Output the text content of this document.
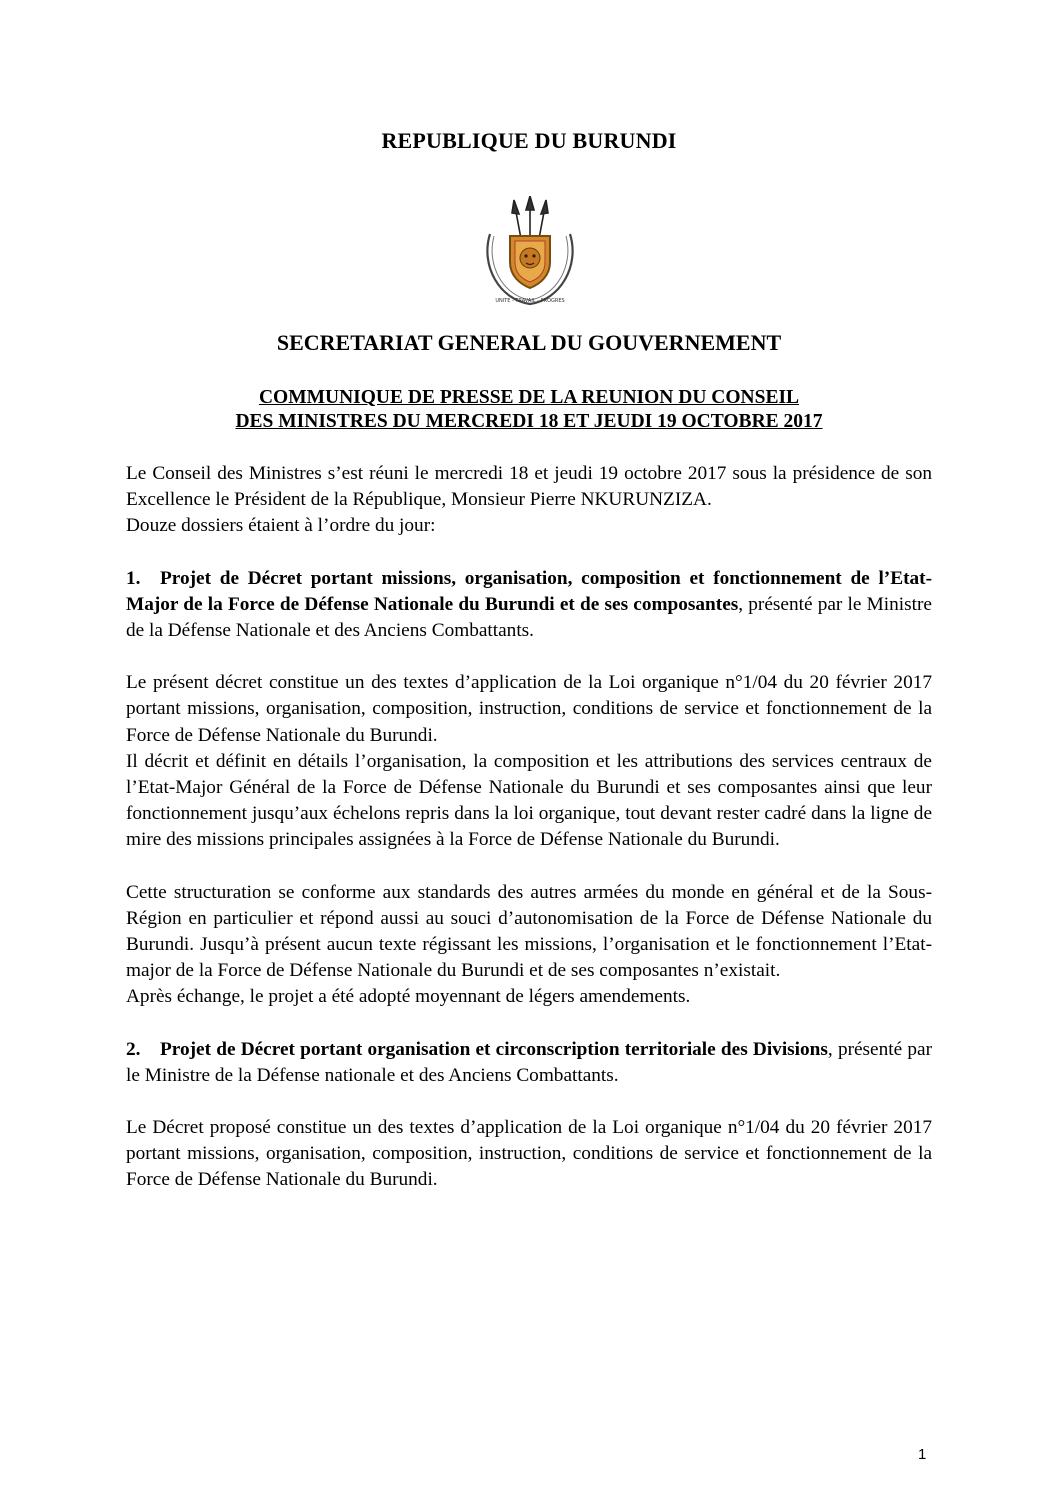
REPUBLIQUE DU BURUNDI
UNITE - TRAVAIL - PROGRES
SECRETARIAT GENERAL DU GOUVERNEMENT
COMMUNIQUE DE PRESSE DE LA REUNION DU CONSEIL
DES MINISTRES DU MERCREDI 18 ET JEUDI 19 OCTOBRE 2017

Le Conseil des Ministres s’est réuni le mercredi 18 et jeudi 19 octobre 2017 sous la présidence de son Excellence le Président de la République, Monsieur Pierre NKURUNZIZA.

Douze dossiers étaient à l’ordre du jour:

1. Projet de Décret portant missions, organisation, composition et fonctionnement de l’Etat-Major de la Force de Défense Nationale du Burundi et de ses composantes, présenté par le Ministre de la Défense Nationale et des Anciens Combattants.

Le présent décret constitue un des textes d’application de la Loi organique n°1/04 du 20 février 2017 portant missions, organisation, composition, instruction, conditions de service et fonctionnement de la Force de Défense Nationale du Burundi.

Il décrit et définit en détails l’organisation, la composition et les attributions des services centraux de l’Etat-Major Général de la Force de Défense Nationale du Burundi et ses composantes ainsi que leur fonctionnement jusqu’aux échelons repris dans la loi organique, tout devant rester cadré dans la ligne de mire des missions principales assignées à la Force de Défense Nationale du Burundi.

Cette structuration se conforme aux standards des autres armées du monde en général et de la Sous-Région en particulier et répond aussi au souci d’autonomisation de la Force de Défense Nationale du Burundi. Jusqu’à présent aucun texte régissant les missions, l’organisation et le fonctionnement l’Etat-major de la Force de Défense Nationale du Burundi et de ses composantes n’existait.

Après échange, le projet a été adopté moyennant de légers amendements.

2. Projet de Décret portant organisation et circonscription territoriale des Divisions, présenté par le Ministre de la Défense nationale et des Anciens Combattants.

Le Décret proposé constitue un des textes d’application de la Loi organique n°1/04 du 20 février 2017 portant missions, organisation, composition, instruction, conditions de service et fonctionnement de la Force de Défense Nationale du Burundi.

1
